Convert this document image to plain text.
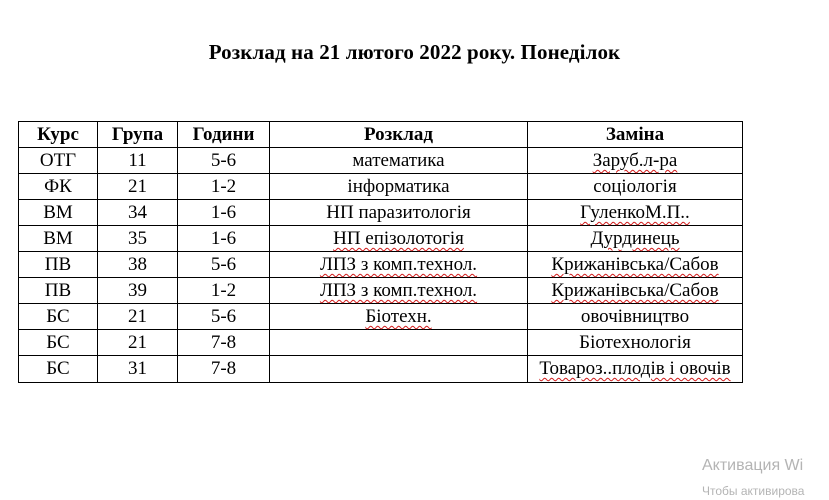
Розклад на 21 лютого 2022 року. Понеділок
Курс	Група	Години	Розклад	Заміна
ОТГ	11	5-6	математика	Заруб.л-ра
ФК	21	1-2	інформатика	соціологія
ВМ	34	1-6	НП паразитологія	ГуленкоМ.П..
ВМ	35	1-6	НП епізолотогія	Дурдинець
ПВ	38	5-6	ЛПЗ з комп.технол.	Крижанівська/Сабов
ПВ	39	1-2	ЛПЗ з комп.технол.	Крижанівська/Сабов
БС	21	5-6	Біотехн.	овочівництво
БС	21	7-8		Біотехнологія
БС	31	7-8		Товароз..плодів і овочів
Активация Wi
Чтобы активирова
